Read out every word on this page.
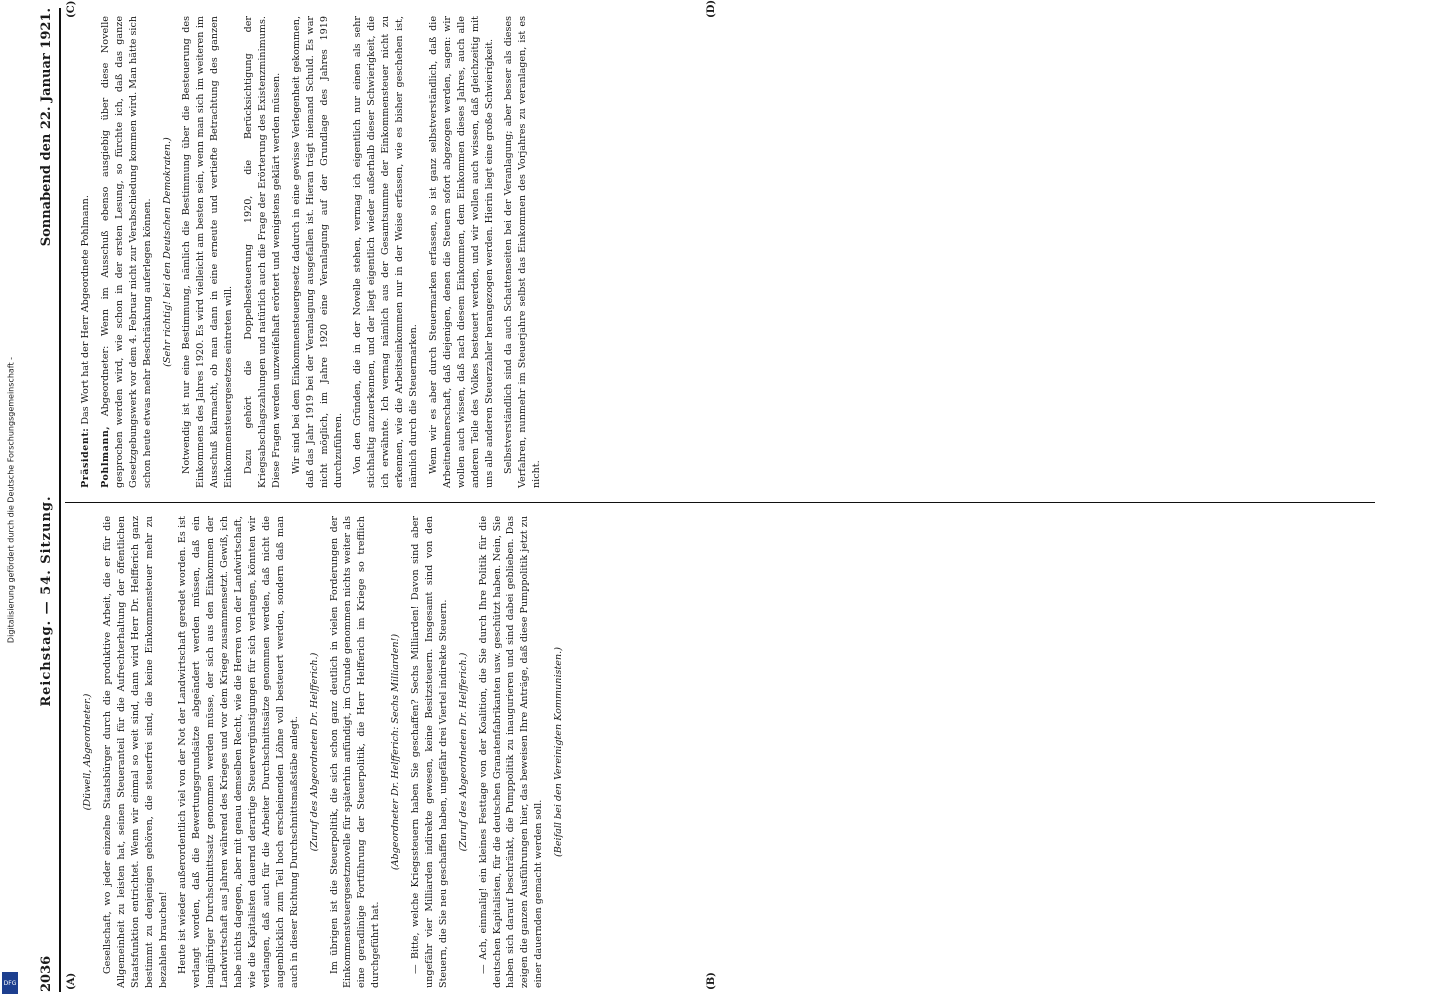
Digitalisierung gefördert durch die Deutsche Forschungsgemeinschaft -
DFG 2036
Reichstag. — 54. Sitzung.
Sonnabend den 22. Januar 1921.
(A)	(B)

(Düwell, Abgeordneter.) Gesellschaft, wo jeder einzelne Staatsbürger durch die produktive Arbeit, die er für die Allgemeinheit zu leisten hat, seinen Steueranteil für die Aufrechterhaltung der öffentlichen Staatsfunktion entrichtet. Wenn wir einmal so weit sind, dann wird Herr Dr. Helfferich ganz bestimmt zu denjenigen gehören, die steuerfrei sind, die keine Einkommensteuer mehr zu bezahlen brauchen! Heute ist wieder außerordentlich viel von der Not der Landwirtschaft geredet worden. Es ist verlangt worden, daß die Bewertungsgrundsätze abgeändert werden müssen, daß ein langjähriger Durchschnittssatz genommen werden müsse, der sich aus den Einkommen der Landwirtschaft aus Jahren während des Krieges und vor dem Kriege zusammensetzt. Gewiß, ich habe nichts dagegen, aber mit genau demselben Recht, wie die Herren von der Landwirtschaft, wie die Kapitalisten dauernd derartige Steuervergünstigungen für sich verlangen, könnten wir verlangen, daß auch für die Arbeiter Durchschnittssätze genommen werden, daß nicht die augenblicklich zum Teil hoch erscheinenden Löhne voll besteuert werden, sondern daß man auch in dieser Richtung Durchschnittsmaßstäbe anlegt. (Zuruf des Abgeordneten Dr. Helfferich.) Im übrigen ist die Steuerpolitik, die sich schon ganz deutlich in vielen Forderungen der Einkommensteuergesetznovelle für späterhin anfündigt, im Grunde genommen nichts weiter als eine geradlinige Fortführung der Steuerpolitik, die Herr Helfferich im Kriege so trefflich durchgeführt hat.

(Abgeordneter Dr. Helfferich: Sechs Milliarden!) — Bitte, welche Kriegssteuern haben Sie geschaffen? Sechs Milliarden! Davon sind aber ungefähr vier Milliarden indirekte gewesen, keine Besitzsteuern. Insgesamt sind von den Steuern, die Sie neu geschaffen haben, ungefähr drei Viertel indirekte Steuern. (Zuruf des Abgeordneten Dr. Helfferich.) — Ach, einmalig! ein kleines Festtage von der Koalition, die Sie durch Ihre Politik für die deutschen Kapitalisten, für die deutschen Granatenfabrikanten usw. geschützt haben. Nein, Sie haben sich darauf beschränkt, die Pumppolitik zu inaugurieren und sind dabei geblieben. Das zeigen die ganzen Ausführungen hier, das beweisen Ihre Anträge, daß diese Pumppolitik jetzt zu einer dauernden gemacht werden soll.

(Beifall bei den Vereinigten Kommunisten.)

(C)	(D)

Präsident: Das Wort hat der Herr Abgeordnete Pohlmann.

Pohlmann, Abgeordneter: Wenn im Ausschuß ebenso ausgiebig über diese Novelle gesprochen werden wird, wie schon in der ersten Lesung, so fürchte ich, daß das ganze Gesetzgebungswerk vor dem 4. Februar nicht zur Verabschiedung kommen wird. Man hätte sich schon heute etwas mehr Beschränkung auferlegen können. (Sehr richtig! bei den Deutschen Demokraten.) Notwendig ist nur eine Bestimmung, nämlich die Bestimmung über die Besteuerung des Einkommens des Jahres 1920. Es wird vielleicht am besten sein, wenn man sich im weiteren im Ausschuß klarmacht, ob man dann in eine erneute und vertiefte Betrachtung des ganzen Einkommensteuergesetzes eintreten will. Dazu gehört die Doppelbesteuerung 1920, die Berücksichtigung der Kriegsabschlagszahlungen und natürlich auch die Frage der Erörterung des Existenzminimums. Diese Fragen werden unzweifelhaft erörtert und wenigstens geklärt werden müssen. Wir sind bei dem Einkommensteuergesetz dadurch in eine gewisse Verlegenheit gekommen, daß das Jahr 1919 bei der Veranlagung ausgefallen ist. Hieran trägt niemand Schuld. Es war nicht möglich, im Jahre 1920 eine Veranlagung auf der Grundlage des Jahres 1919 durchzuführen. Von den Gründen, die in der Novelle stehen, vermag ich eigentlich nur einen als sehr stichhaltig anzuerkennen, und der liegt eigentlich wieder außerhalb dieser Schwierigkeit, die ich erwähnte. Ich vermag nämlich aus der Gesamtsumme der Einkommensteuer nicht zu erkennen, wie die Arbeitseinkommen nur in der Weise erfassen, wie es bisher geschehen ist, nämlich durch die Steuermarken. Wenn wir es aber durch Steuermarken erfassen, so ist ganz selbstverständlich, daß die Arbeitnehmerschaft, daß diejenigen, denen die Steuern sofort abgezogen werden, sagen: wir wollen auch wissen, daß nach diesem Einkommen, dem Einkommen dieses Jahres, auch alle anderen Teile des Volkes besteuert werden, und wir wollen auch wissen, daß gleichzeitig mit uns alle anderen Steuerzahler herangezogen werden. Hierin liegt eine große Schwierigkeit. Selbstverständlich sind da auch Schattenseiten bei der Veranlagung; aber besser als dieses Verfahren, nunmehr im Steuerjahre selbst das Einkommen des Vorjahres zu veranlagen, ist es nicht.
